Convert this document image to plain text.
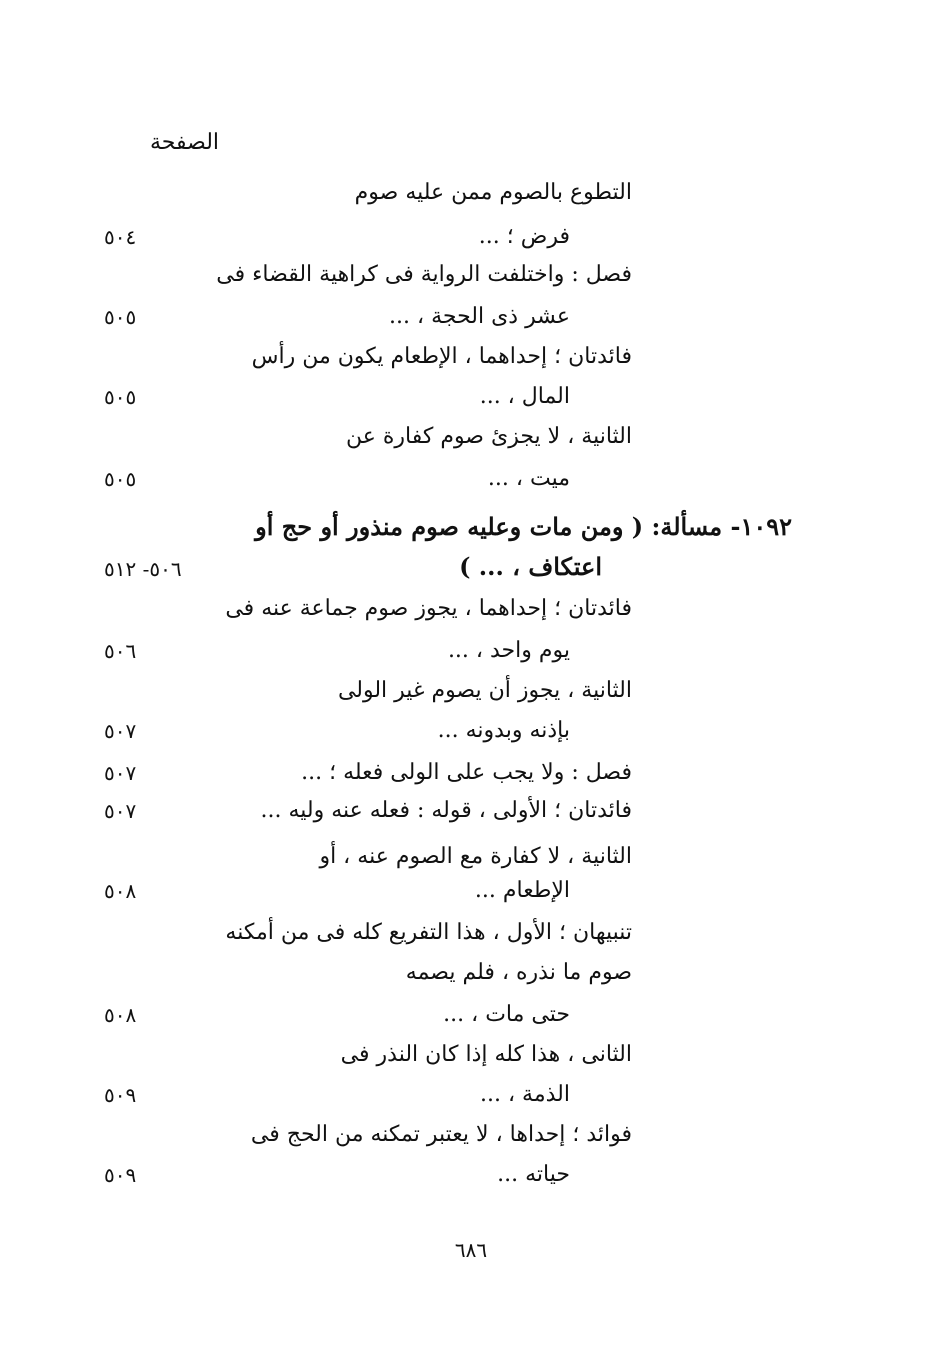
الصفحة
التطوع بالصوم ممن عليه صوم
فرض ؛ ...
٥٠٤
فصل : واختلفت الرواية فى كراهية القضاء فى
عشر ذى الحجة ، ...
٥٠٥
فائدتان ؛ إحداهما ، الإطعام يكون من رأس
المال ، ...
٥٠٥
الثانية ، لا يجزئ صوم كفارة عن
ميت ، ...
٥٠٥
١٠٩٢- مسألة: ( ومن مات وعليه صوم منذور أو حج أو
اعتكاف ، ... )
٥٠٦- ٥١٢
فائدتان ؛ إحداهما ، يجوز صوم جماعة عنه فى
يوم واحد ، ...
٥٠٦
الثانية ، يجوز أن يصوم غير الولى
بإذنه وبدونه ...
٥٠٧
فصل : ولا يجب على الولى فعله ؛ ...
٥٠٧
فائدتان ؛ الأولى ، قوله : فعله عنه وليه ...
٥٠٧
الثانية ، لا كفارة مع الصوم عنه ، أو
الإطعام ...
٥٠٨
تنبيهان ؛ الأول ، هذا التفريع كله فى من أمكنه
صوم ما نذره ، فلم يصمه
حتى مات ، ...
٥٠٨
الثانى ، هذا كله إذا كان النذر فى
الذمة ، ...
٥٠٩
فوائد ؛ إحداها ، لا يعتبر تمكنه من الحج فى
حياته ...
٥٠٩
٦٨٦
